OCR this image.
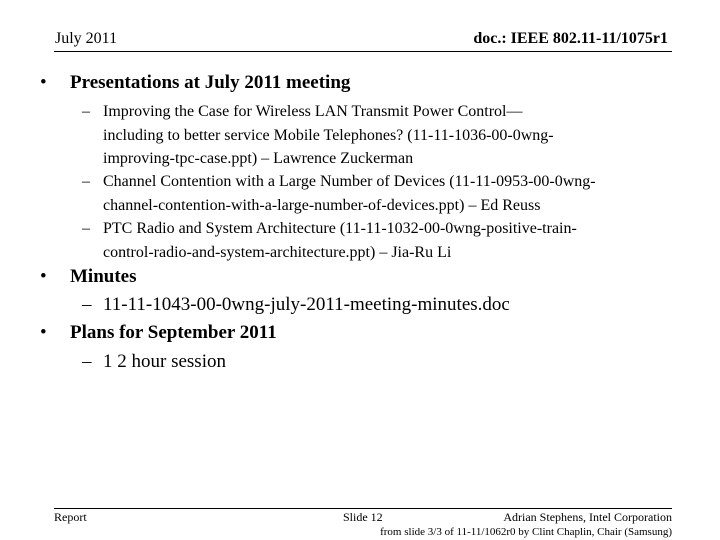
July 2011	doc.: IEEE 802.11-11/1075r1
• Presentations at July 2011 meeting
– Improving the Case for Wireless LAN Transmit Power Control—
including to better service Mobile Telephones? (11-11-1036-00-0wng-
improving-tpc-case.ppt) – Lawrence Zuckerman
– Channel Contention with a Large Number of Devices (11-11-0953-00-0wng-
channel-contention-with-a-large-number-of-devices.ppt) – Ed Reuss
– PTC Radio and System Architecture (11-11-1032-00-0wng-positive-train-
control-radio-and-system-architecture.ppt) – Jia-Ru Li
• Minutes
– 11-11-1043-00-0wng-july-2011-meeting-minutes.doc
• Plans for September 2011
– 1 2 hour session
Report	Slide 12	Adrian Stephens, Intel Corporation
from slide 3/3 of 11-11/1062r0 by Clint Chaplin, Chair (Samsung)
